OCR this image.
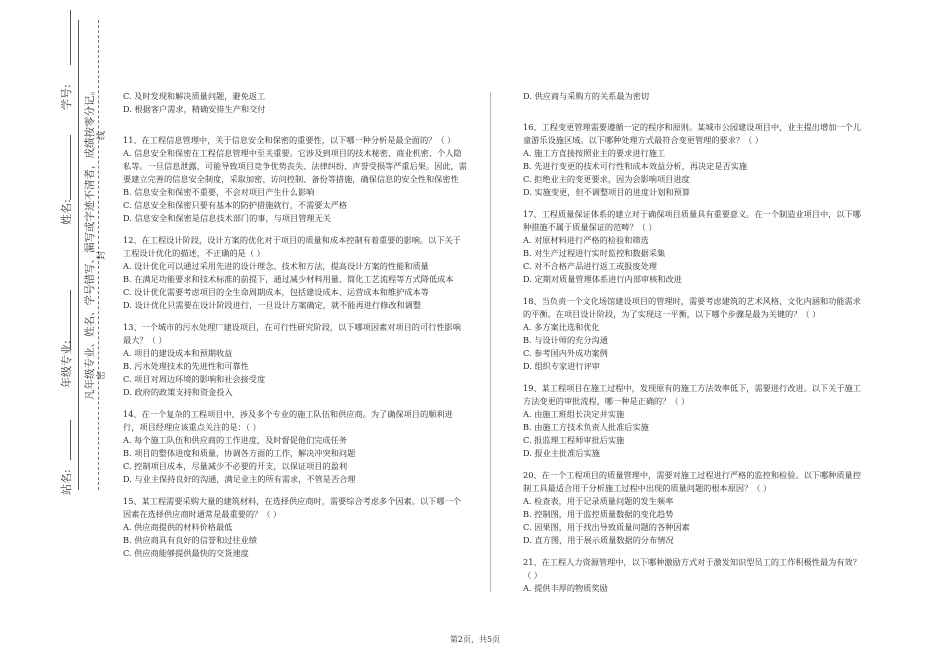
学号:
姓名:
年级专业:
站名:
凡年级专业、姓名、学号错写、漏写或字迹不清者，成绩按零分记。 密
封
线
C. 及时发现和解决质量问题，避免返工
D. 根据客户需求，精确安排生产和交付
11、在工程信息管理中，关于信息安全和保密的重要性，以下哪一种分析是最全面的？（ ）
A. 信息安全和保密在工程信息管理中至关重要。它涉及到项目的技术秘密、商业机密、个人隐私等。一旦信息泄露，可能导致项目竞争优势丧失、法律纠纷、声誉受损等严重后果。因此，需要建立完善的信息安全制度，采取加密、访问控制、备份等措施，确保信息的安全性和保密性
B. 信息安全和保密不重要，不会对项目产生什么影响
C. 信息安全和保密只要有基本的防护措施就行，不需要太严格
D. 信息安全和保密是信息技术部门的事，与项目管理无关
12、在工程设计阶段，设计方案的优化对于项目的质量和成本控制有着重要的影响。以下关于工程设计优化的描述，不正确的是（ ）
A. 设计优化可以通过采用先进的设计理念、技术和方法，提高设计方案的性能和质量
B. 在满足功能要求和技术标准的前提下，通过减少材料用量、简化工艺流程等方式降低成本
C. 设计优化需要考虑项目的全生命周期成本，包括建设成本、运营成本和维护成本等
D. 设计优化只需要在设计阶段进行，一旦设计方案确定，就不能再进行修改和调整
13、一个城市的污水处理厂建设项目，在可行性研究阶段，以下哪项因素对项目的可行性影响最大？（ ）
A. 项目的建设成本和预期收益
B. 污水处理技术的先进性和可靠性
C. 项目对周边环境的影响和社会接受度
D. 政府的政策支持和资金投入
14、在一个复杂的工程项目中，涉及多个专业的施工队伍和供应商。为了确保项目的顺利进行，项目经理应该重点关注的是：（ ）
A. 每个施工队伍和供应商的工作进度，及时督促他们完成任务
B. 项目的整体进度和质量，协调各方面的工作，解决冲突和问题
C. 控制项目成本，尽量减少不必要的开支，以保证项目的盈利
D. 与业主保持良好的沟通，满足业主的所有需求，不管是否合理
15、某工程需要采购大量的建筑材料，在选择供应商时，需要综合考虑多个因素。以下哪一个因素在选择供应商时通常是最重要的？（ ）
A. 供应商提供的材料价格最低
B. 供应商具有良好的信誉和过往业绩
C. 供应商能够提供最快的交货速度
D. 供应商与采购方的关系最为密切
16、工程变更管理需要遵循一定的程序和原则。某城市公园建设项目中，业主提出增加一个儿童游乐设施区域。以下哪种处理方式最符合变更管理的要求？（ ）
A. 施工方直接按照业主的要求进行施工
B. 先进行变更的技术可行性和成本效益分析，再决定是否实施
C. 拒绝业主的变更要求，因为会影响项目进度
D. 实施变更，但不调整项目的进度计划和预算
17、工程质量保证体系的建立对于确保项目质量具有重要意义。在一个制造业项目中，以下哪种措施不属于质量保证的范畴？（ ）
A. 对原材料进行严格的检验和筛选
B. 对生产过程进行实时监控和数据采集
C. 对不合格产品进行返工或报废处理
D. 定期对质量管理体系进行内部审核和改进
18、当负责一个文化场馆建设项目的管理时，需要考虑建筑的艺术风格、文化内涵和功能需求的平衡。在项目设计阶段，为了实现这一平衡，以下哪个步骤是最为关键的？（ ）
A. 多方案比选和优化
B. 与设计师的充分沟通
C. 参考国内外成功案例
D. 组织专家进行评审
19、某工程项目在施工过程中，发现原有的施工方法效率低下，需要进行改进。以下关于施工方法变更的审批流程，哪一种是正确的？（ ）
A. 由施工班组长决定并实施
B. 由施工方技术负责人批准后实施
C. 报监理工程师审批后实施
D. 报业主批准后实施
20、在一个工程项目的质量管理中，需要对施工过程进行严格的监控和检验。以下哪种质量控制工具最适合用于分析施工过程中出现的质量问题的根本原因？（ ）
A. 检查表，用于记录质量问题的发生频率
B. 控制图，用于监控质量数据的变化趋势
C. 因果图，用于找出导致质量问题的各种因素
D. 直方图，用于展示质量数据的分布情况
21、在工程人力资源管理中，以下哪种激励方式对于激发知识型员工的工作积极性最为有效？（ ）
A. 提供丰厚的物质奖励
第2页，共5页
